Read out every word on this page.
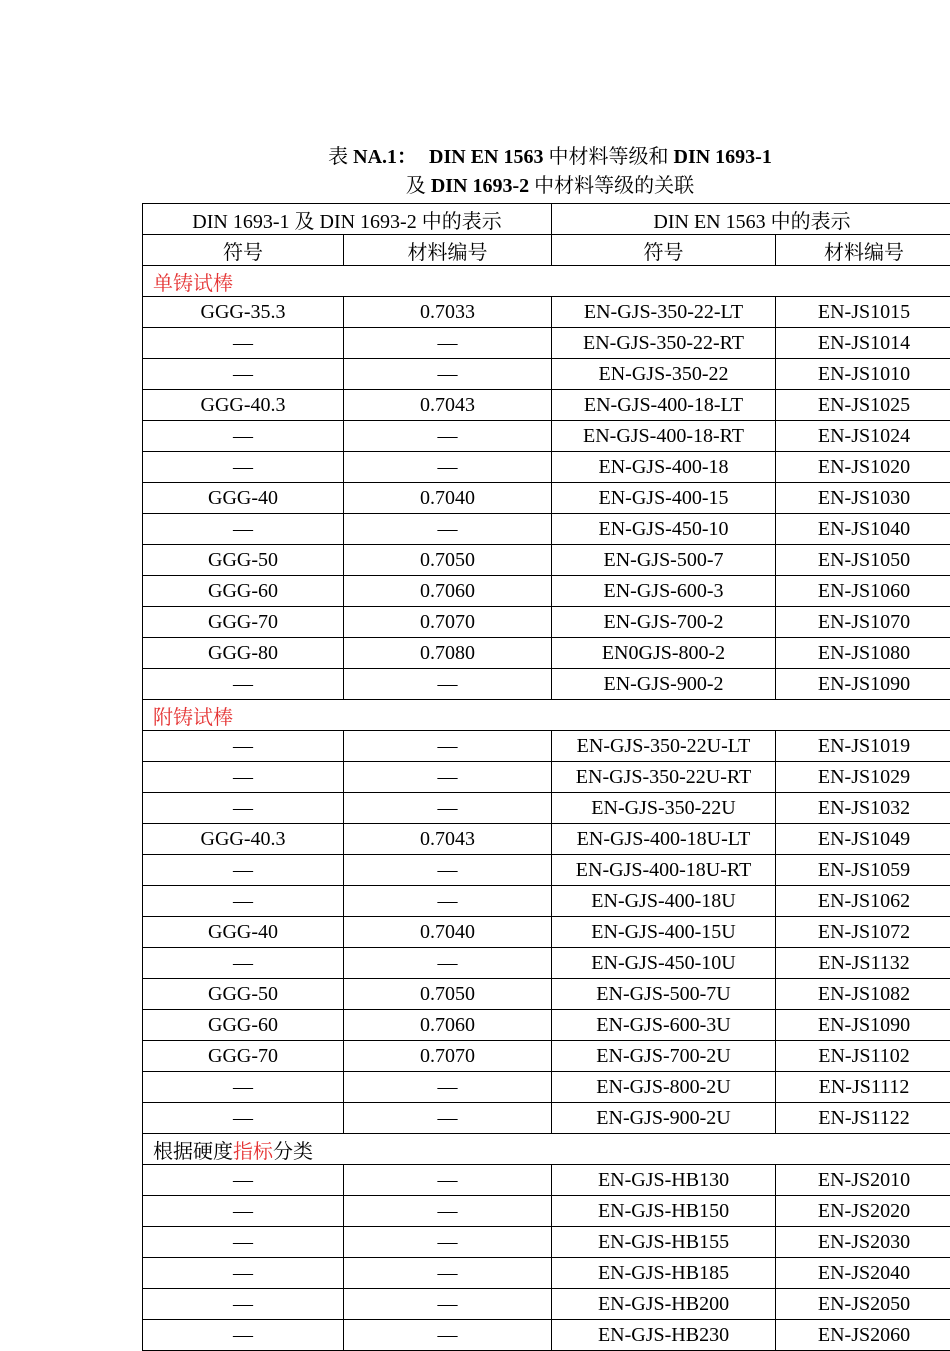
表 NA.1： DIN EN 1563 中材料等级和 DIN 1693-1
及 DIN 1693-2 中材料等级的关联
DIN 1693-1 及 DIN 1693-2 中的表示		DIN EN 1563 中的表示	
符号	材料编号	符号	材料编号
单铸试棒			
GGG-35.3	0.7033	EN-GJS-350-22-LT	EN-JS1015
—	—	EN-GJS-350-22-RT	EN-JS1014
—	—	EN-GJS-350-22	EN-JS1010
GGG-40.3	0.7043	EN-GJS-400-18-LT	EN-JS1025
—	—	EN-GJS-400-18-RT	EN-JS1024
—	—	EN-GJS-400-18	EN-JS1020
GGG-40	0.7040	EN-GJS-400-15	EN-JS1030
—	—	EN-GJS-450-10	EN-JS1040
GGG-50	0.7050	EN-GJS-500-7	EN-JS1050
GGG-60	0.7060	EN-GJS-600-3	EN-JS1060
GGG-70	0.7070	EN-GJS-700-2	EN-JS1070
GGG-80	0.7080	EN0GJS-800-2	EN-JS1080
—	—	EN-GJS-900-2	EN-JS1090
附铸试棒			
—	—	EN-GJS-350-22U-LT	EN-JS1019
—	—	EN-GJS-350-22U-RT	EN-JS1029
—	—	EN-GJS-350-22U	EN-JS1032
GGG-40.3	0.7043	EN-GJS-400-18U-LT	EN-JS1049
—	—	EN-GJS-400-18U-RT	EN-JS1059
—	—	EN-GJS-400-18U	EN-JS1062
GGG-40	0.7040	EN-GJS-400-15U	EN-JS1072
—	—	EN-GJS-450-10U	EN-JS1132
GGG-50	0.7050	EN-GJS-500-7U	EN-JS1082
GGG-60	0.7060	EN-GJS-600-3U	EN-JS1090
GGG-70	0.7070	EN-GJS-700-2U	EN-JS1102
—	—	EN-GJS-800-2U	EN-JS1112
—	—	EN-GJS-900-2U	EN-JS1122
根据硬度指标分类			
—	—	EN-GJS-HB130	EN-JS2010
—	—	EN-GJS-HB150	EN-JS2020
—	—	EN-GJS-HB155	EN-JS2030
—	—	EN-GJS-HB185	EN-JS2040
—	—	EN-GJS-HB200	EN-JS2050
—	—	EN-GJS-HB230	EN-JS2060
